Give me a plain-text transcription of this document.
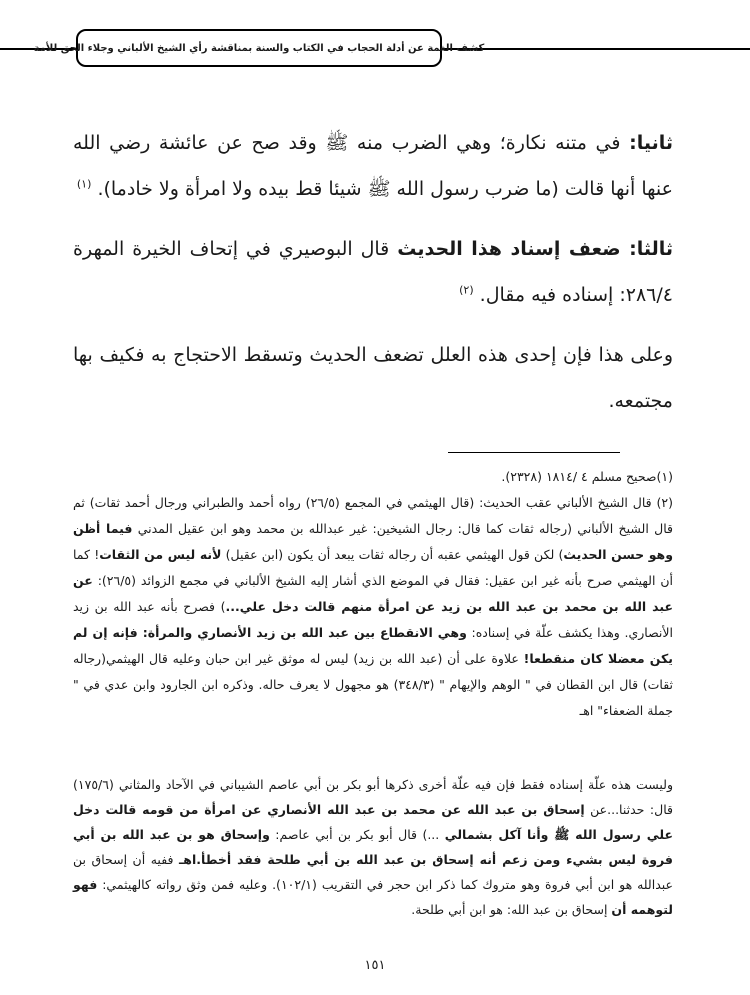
كشف الغمة عن أدلة الحجاب في الكتاب والسنة بمناقشة رأي الشيخ الألباني وجلاء الحق للأمة

ثانيا: في متنه نكارة؛ وهي الضرب منه ﷺ وقد صح عن عائشة رضي الله عنها أنها قالت (ما ضرب رسول الله ﷺ شيئا قط بيده ولا امرأة ولا خادما). $^{(١)}$

ثالثا: ضعف إسناد هذا الحديث قال البوصيري في إتحاف الخيرة المهرة ٢٨٦/٤: إسناده فيه مقال. $^{(٢)}$

وعلى هذا فإن إحدى هذه العلل تضعف الحديث وتسقط الاحتجاج به فكيف بها مجتمعه.

(١)صحيح مسلم ٤ /١٨١٤ (٢٣٢٨).

(٢) قال الشيخ الألباني عقب الحديث: (قال الهيثمي في المجمع (٢٦/٥) رواه أحمد والطبراني ورجال أحمد ثقات) ثم قال الشيخ الألباني (رجاله ثقات كما قال: رجال الشيخين: غير عبدالله بن محمد وهو ابن عقيل المدني فيما أظن وهو حسن الحديث) لكن قول الهيثمي عقبه أن رجاله ثقات يبعد أن يكون (ابن عقيل) لأنه ليس من الثقات! كما أن الهيثمي صرح بأنه غير ابن عقيل: فقال في الموضع الذي أشار إليه الشيخ الألباني في مجمع الزوائد (٢٦/٥): عن عبد الله بن محمد بن عبد الله بن زيد عن امرأة منهم قالت دخل علي...) فصرح بأنه عبد الله بن زيد الأنصاري. وهذا يكشف علّة في إسناده: وهي الانقطاع بين عبد الله بن زيد الأنصاري والمرأة: فإنه إن لم يكن معضلا كان منقطعا! علاوة على أن (عبد الله بن زيد) ليس له موثق غير ابن حبان وعليه قال الهيثمي(رجاله ثقات) قال ابن القطان في " الوهم والإيهام " (٣٤٨/٣) هو مجهول لا يعرف حاله. وذكره ابن الجارود وابن عدي في " جملة الضعفاء" اهـ

وليست هذه علّة إسناده فقط فإن فيه علّة أخرى ذكرها أبو بكر بن أبي عاصم الشيباني في الآحاد والمثاني (١٧٥/٦) قال: حدثنا...عن إسحاق بن عبد الله عن محمد بن عبد الله الأنصاري عن امرأة من قومه قالت دخل علي رسول الله ﷺ وأنا آكل بشمالي ...) قال أبو بكر بن أبي عاصم: وإسحاق هو بن عبد الله بن أبي فروة ليس بشيء ومن زعم أنه إسحاق بن عبد الله بن أبي طلحة فقد أخطأ.اهـ ففيه أن إسحاق بن عبدالله هو ابن أبي فروة وهو متروك كما ذكر ابن حجر في التقريب (١٠٢/١). وعليه فمن وثق رواته كالهيثمي: فهو لتوهمه أن إسحاق بن عبد الله: هو ابن أبي طلحة.

١٥١
